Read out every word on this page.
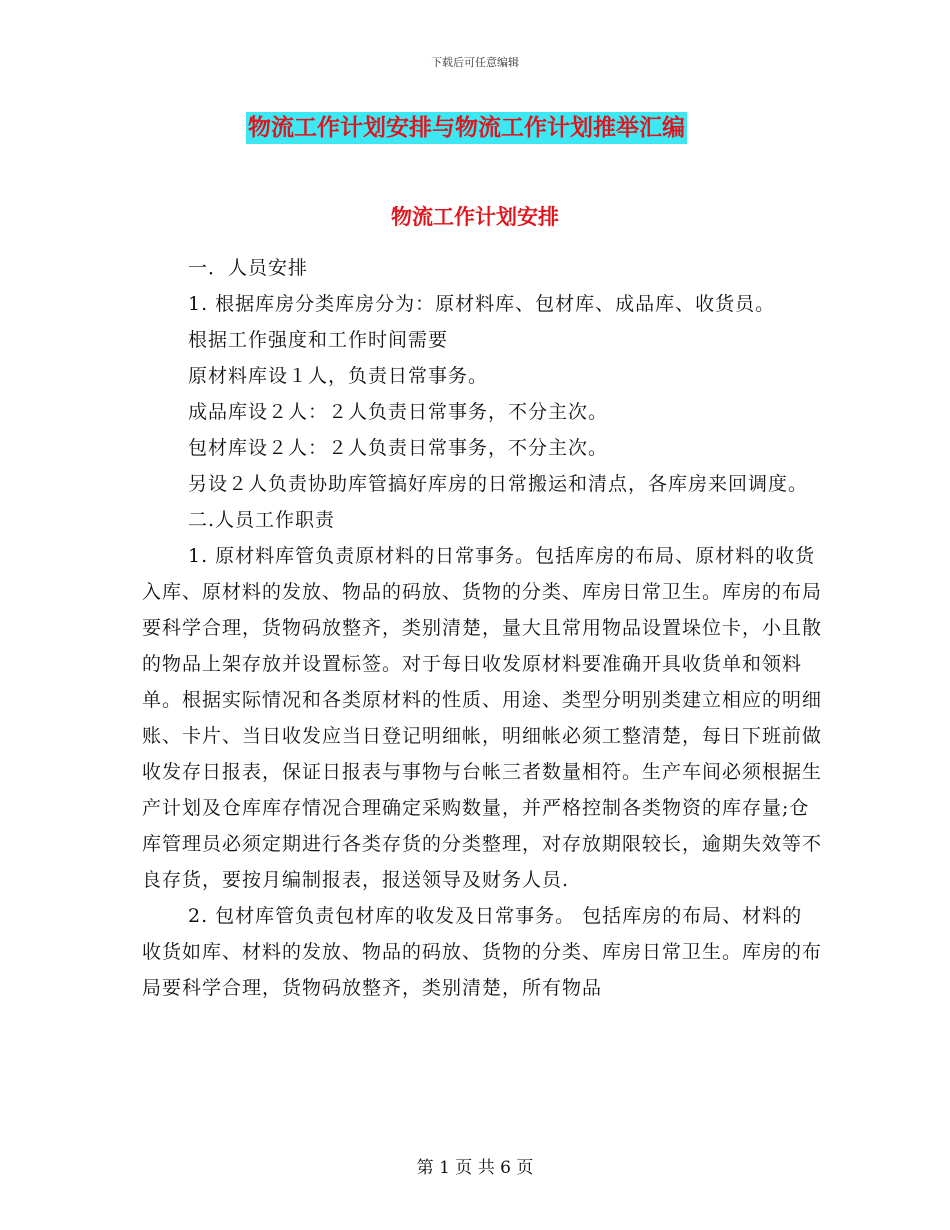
下载后可任意编辑
物流工作计划安排与物流工作计划推举汇编
物流工作计划安排

一．人员安排

1. 根据库房分类库房分为：原材料库、包材库、成品库、收货员。

根据工作强度和工作时间需要

原材料库设１人，负责日常事务。

成品库设２人：２人负责日常事务，不分主次。

包材库设２人：２人负责日常事务，不分主次。

另设２人负责协助库管搞好库房的日常搬运和清点，各库房来回调度。

二.人员工作职责

1. 原材料库管负责原材料的日常事务。包括库房的布局、原材料的收货入库、原材料的发放、物品的码放、货物的分类、库房日常卫生。库房的布局要科学合理，货物码放整齐，类别清楚，量大且常用物品设置垛位卡，小且散的物品上架存放并设置标签。对于每日收发原材料要准确开具收货单和领料单。根据实际情况和各类原材料的性质、用途、类型分明别类建立相应的明细账、卡片、当日收发应当日登记明细帐，明细帐必须工整清楚，每日下班前做收发存日报表，保证日报表与事物与台帐三者数量相符。生产车间必须根据生产计划及仓库库存情况合理确定采购数量，并严格控制各类物资的库存量;仓库管理员必须定期进行各类存货的分类整理，对存放期限较长，逾期失效等不良存货，要按月编制报表，报送领导及财务人员.

2. 包材库管负责包材库的收发及日常事务。 包括库房的布局、材料的收货如库、材料的发放、物品的码放、货物的分类、库房日常卫生。库房的布局要科学合理，货物码放整齐，类别清楚，所有物品

第 1 页 共 6 页
